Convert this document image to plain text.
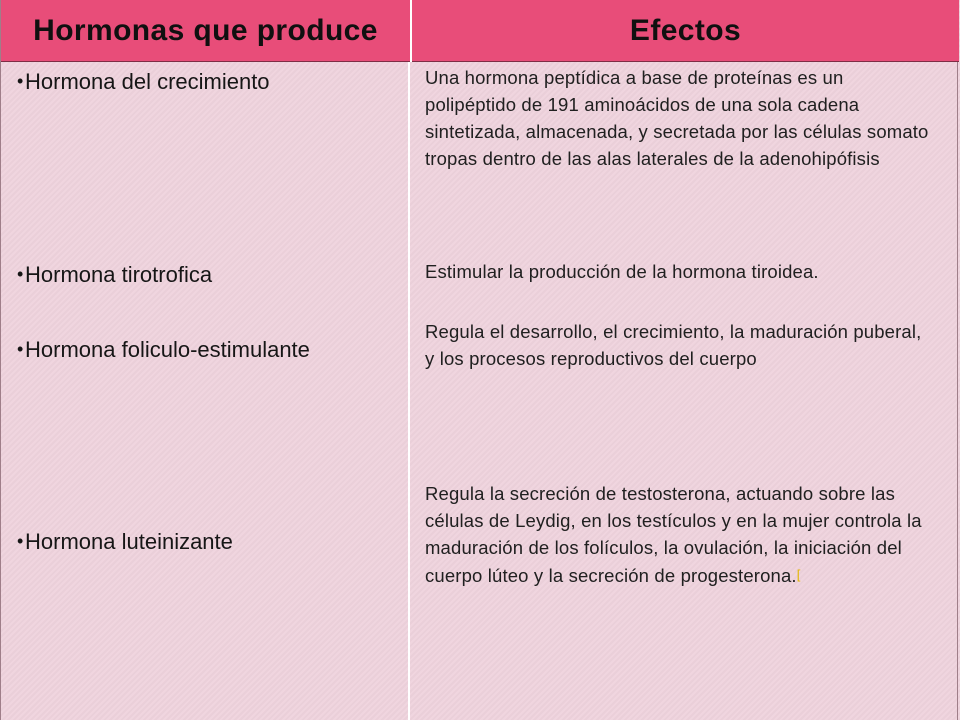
Hormonas que produce	Efectos
•Hormona del crecimiento
•Hormona tirotrofica
•Hormona foliculo-estimulante
•Hormona luteinizante
Una hormona peptídica a base de proteínas es un polipéptido de 191 aminoácidos de una sola cadena sintetizada, almacenada, y secretada por las células somato tropas dentro de las alas laterales de la adenohipófisis
Estimular la producción de la hormona tiroidea.
Regula el desarrollo, el crecimiento, la maduración puberal, y los procesos reproductivos del cuerpo
Regula la secreción de testosterona, actuando sobre las células de Leydig, en los testículos y en la mujer controla la maduración de los folículos, la ovulación, la iniciación del cuerpo lúteo y la secreción de progesterona.[
